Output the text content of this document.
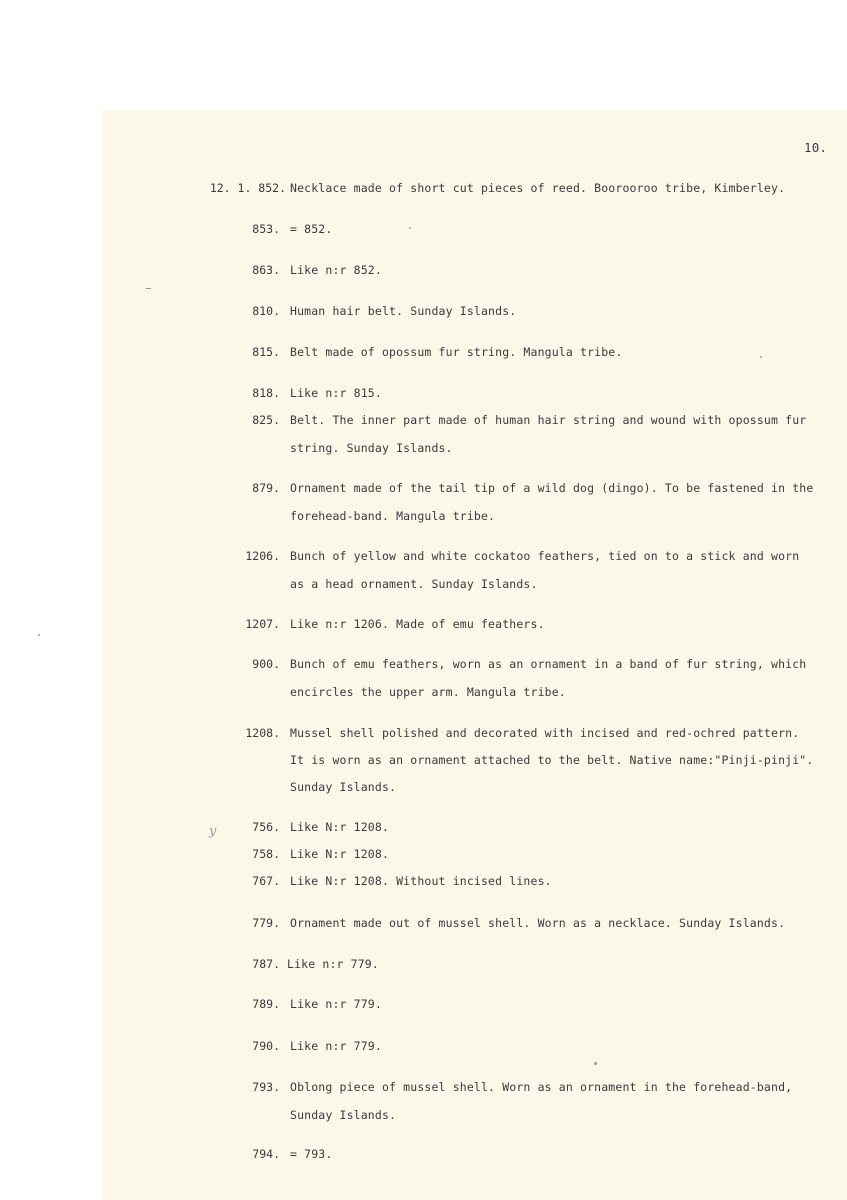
10.
y
12. 1. 852. Necklace made of short cut pieces of reed. Boorooroo tribe, Kimberley.
853. = 852.
863. Like n:r 852.
810. Human hair belt. Sunday Islands.
815. Belt made of opossum fur string. Mangula tribe.
818. Like n:r 815.
825. Belt. The inner part made of human hair string and wound with opossum fur
string. Sunday Islands.
879. Ornament made of the tail tip of a wild dog (dingo). To be fastened in the
forehead-band. Mangula tribe.
1206. Bunch of yellow and white cockatoo feathers, tied on to a stick and worn
as a head ornament. Sunday Islands.
1207. Like n:r 1206. Made of emu feathers.
900. Bunch of emu feathers, worn as an ornament in a band of fur string, which
encircles the upper arm. Mangula tribe.
1208. Mussel shell polished and decorated with incised and red-ochred pattern.
It is worn as an ornament attached to the belt. Native name:"Pinji-pinji".
Sunday Islands.
756. Like N:r 1208.
758. Like N:r 1208.
767. Like N:r 1208. Without incised lines.
779. Ornament made out of mussel shell. Worn as a necklace. Sunday Islands.
787. Like n:r 779.
789. Like n:r 779.
790. Like n:r 779.
793. Oblong piece of mussel shell. Worn as an ornament in the forehead-band,
Sunday Islands.
794. = 793.
